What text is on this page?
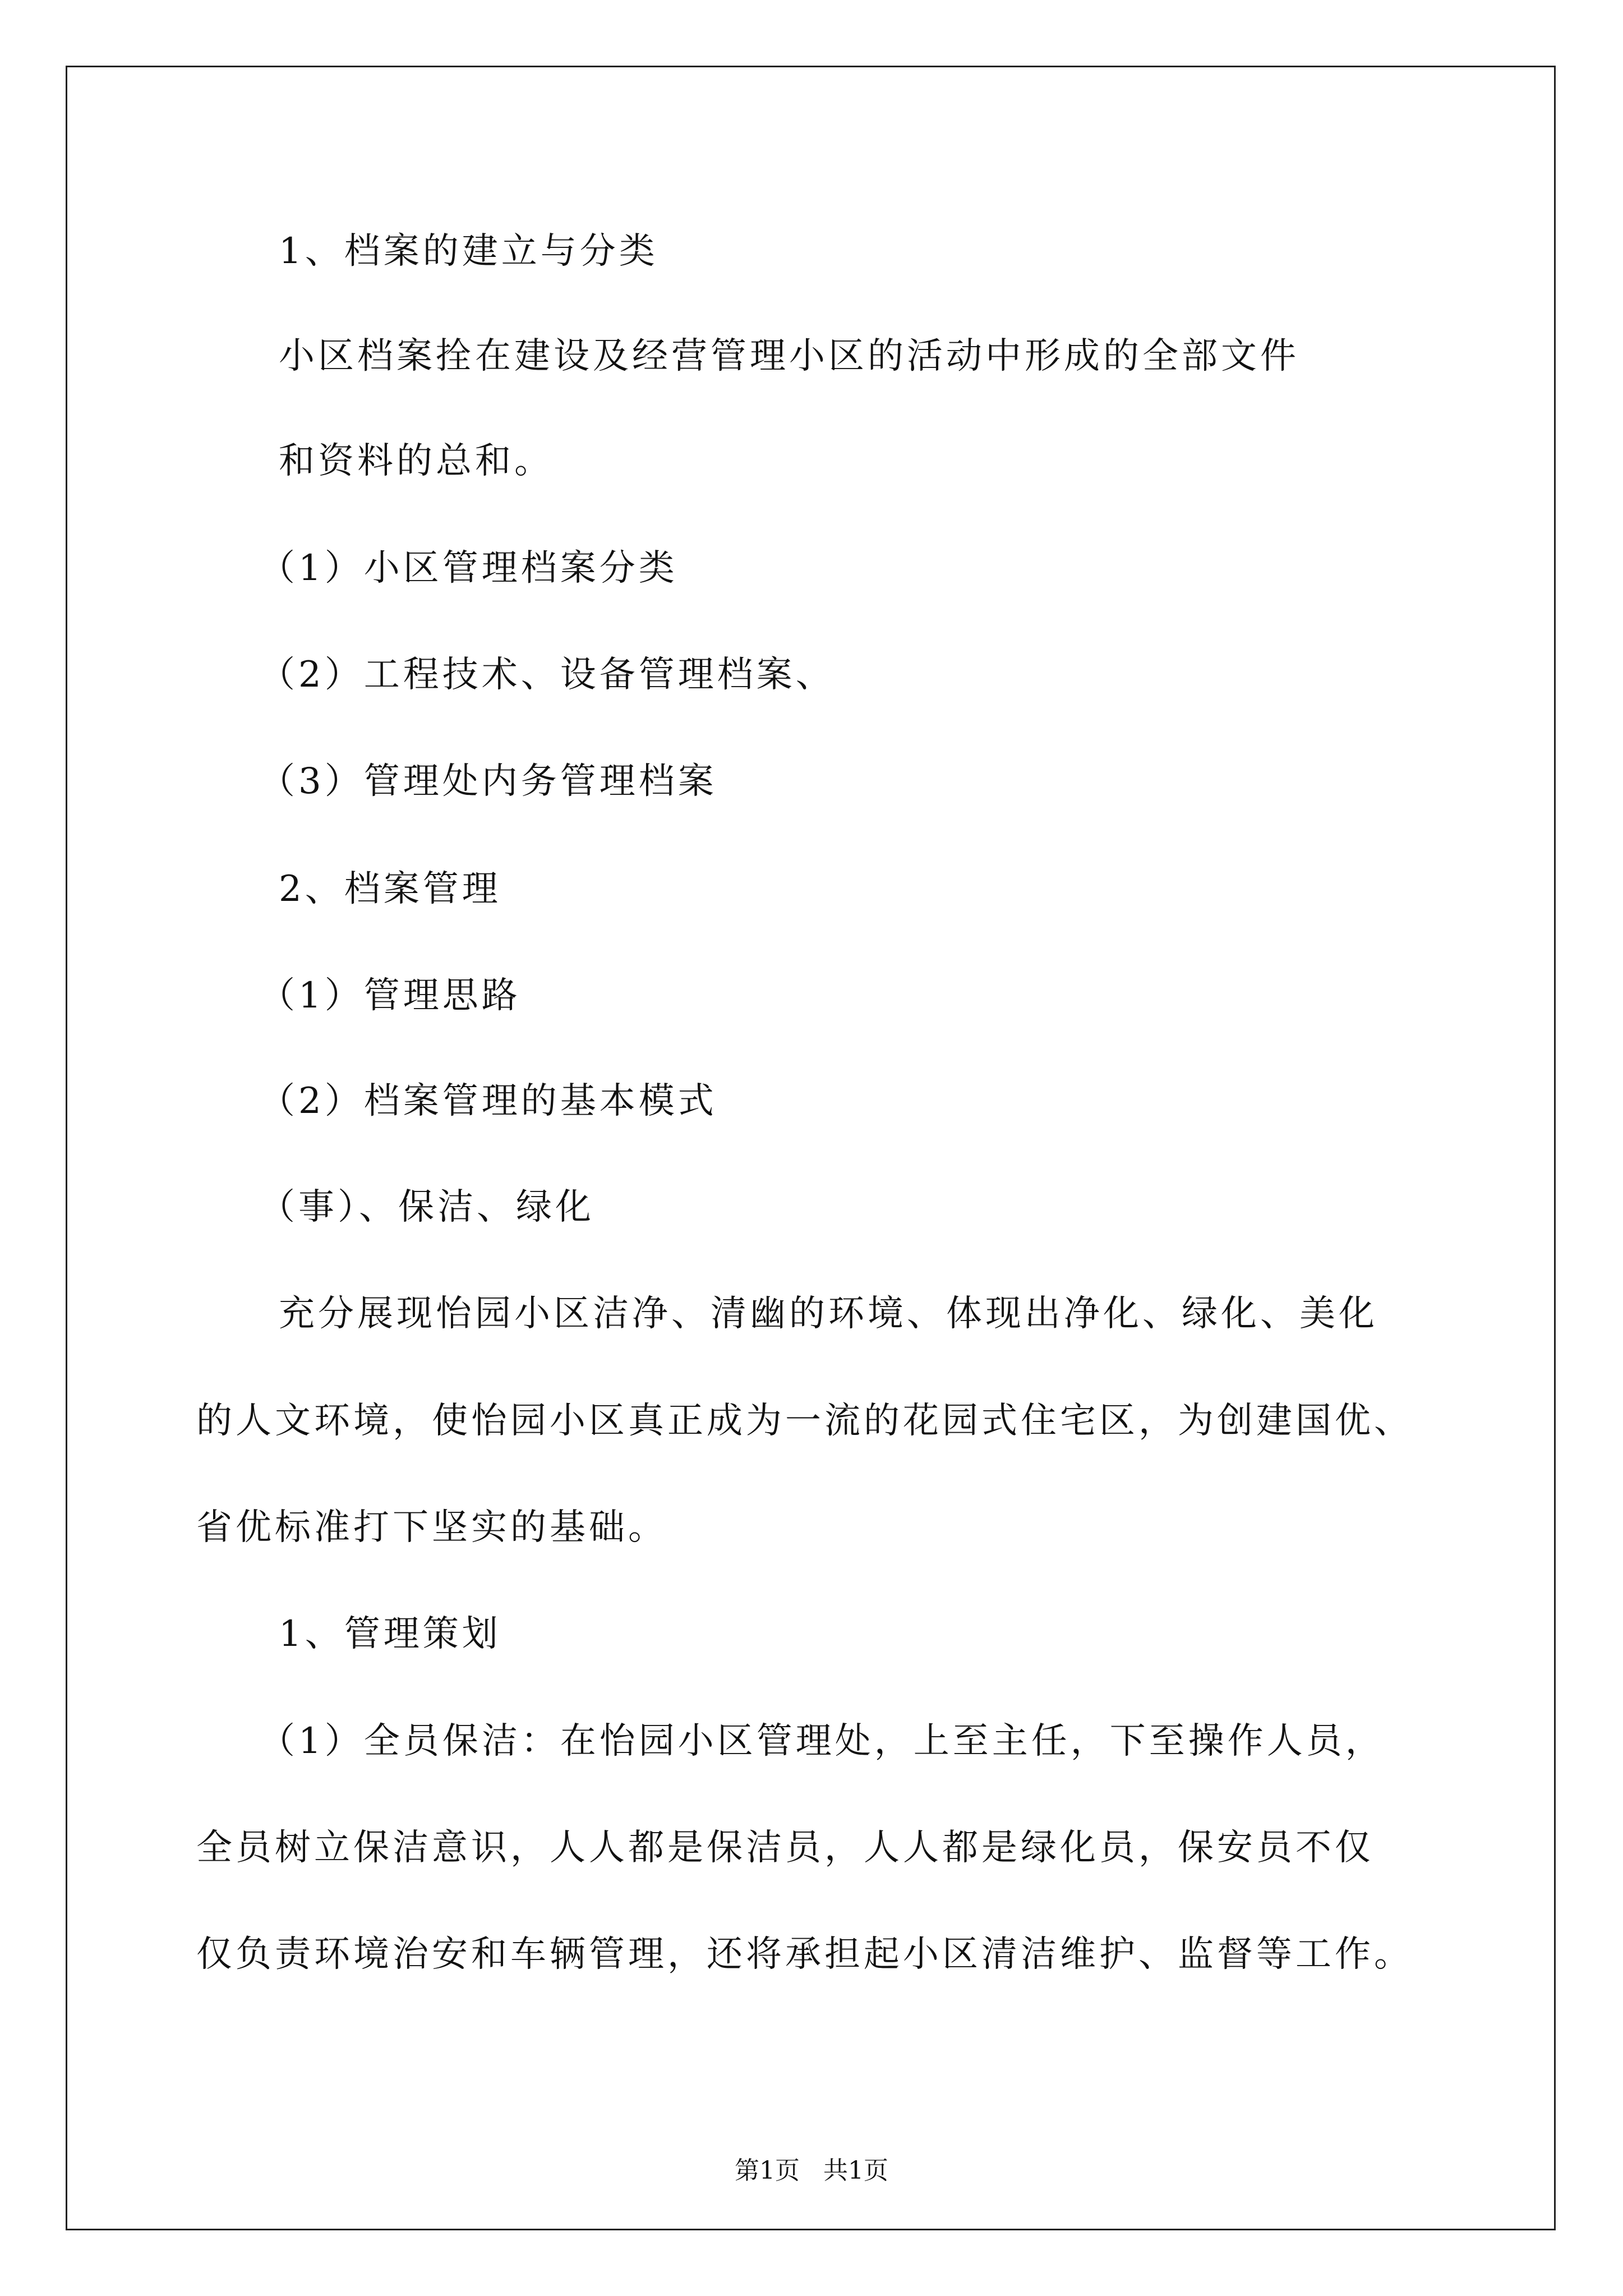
1、档案的建立与分类
小区档案拴在建设及经营管理小区的活动中形成的全部文件
和资料的总和。
（1）小区管理档案分类
（2）工程技术、设备管理档案、
（3）管理处内务管理档案
2、档案管理
（1）管理思路
（2）档案管理的基本模式
（事）、保洁、绿化
充分展现怡园小区洁净、清幽的环境、体现出净化、绿化、美化
的人文环境，使怡园小区真正成为一流的花园式住宅区，为创建国优、
省优标准打下坚实的基础。
1、管理策划
（1）全员保洁：在怡园小区管理处，上至主任，下至操作人员，
全员树立保洁意识，人人都是保洁员，人人都是绿化员，保安员不仅
仅负责环境治安和车辆管理，还将承担起小区清洁维护、监督等工作。
第1页   共1页
